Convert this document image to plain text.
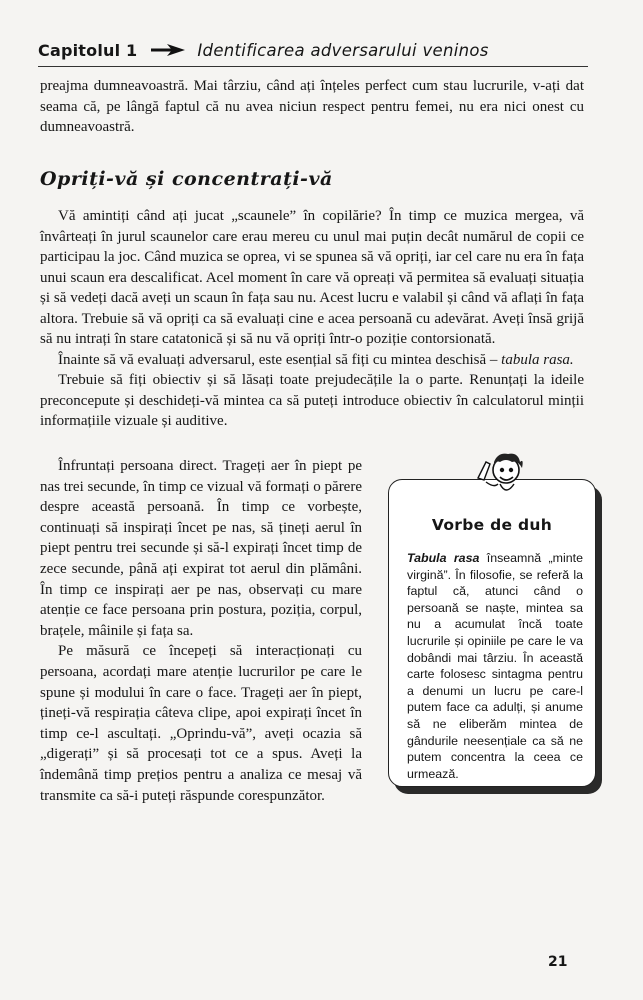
Capitolul 1	Identificarea adversarului veninos

preajma dumneavoastră. Mai târziu, când ați înțeles perfect cum stau lucrurile, v-ați dat seama că, pe lângă faptul că nu avea niciun respect pentru femei, nu era nici onest cu dumneavoastră.

Opriți-vă și concentrați-vă

Vă amintiți când ați jucat „scaunele” în copilărie? În timp ce muzica mergea, vă învârteați în jurul scaunelor care erau mereu cu unul mai puțin decât numărul de copii ce participau la joc. Când muzica se oprea, vi se spunea să vă opriți, iar cel care nu era în fața unui scaun era descalificat. Acel moment în care vă opreați vă permitea să evaluați situația și să vedeți dacă aveți un scaun în fața sau nu. Acest lucru e valabil și când vă aflați în fața altora. Trebuie să vă opriți ca să evaluați cine e acea persoană cu adevărat. Aveți însă grijă să nu intrați în stare catatonică și să nu vă opriți într-o poziție contorsionată.

Înainte să vă evaluați adversarul, este esențial să fiți cu mintea deschisă – tabula rasa.

Trebuie să fiți obiectiv și să lăsați toate prejudecățile la o parte. Renunțați la ideile preconcepute și deschideți-vă mintea ca să puteți introduce obiectiv în calculatorul minții informațiile vizuale și auditive.

Înfruntați persoana direct. Trageți aer în piept pe nas trei secunde, în timp ce vizual vă formați o părere despre această persoană. În timp ce vorbește, continuați să inspirați încet pe nas, să țineți aerul în piept pentru trei secunde și să-l expirați încet timp de zece secunde, până ați expirat tot aerul din plămâni. În timp ce inspirați aer pe nas, observați cu mare atenție ce face persoana prin postura, poziția, corpul, brațele, mâinile și fața sa.

Pe măsură ce începeți să interacționați cu persoana, acordați mare atenție lucrurilor pe care le spune și modului în care o face. Trageți aer în piept, țineți-vă respirația câteva clipe, apoi expirați încet în timp ce-l ascultați. „Oprindu-vă”, aveți ocazia să „digerați” și să procesați tot ce a spus. Aveți la îndemână timp prețios pentru a analiza ce mesaj vă transmite ca să-i puteți răspunde corespunzător.

Vorbe de duh
Tabula rasa înseamnă „minte virgină”. În filosofie, se referă la faptul că, atunci când o persoană se naște, mintea sa nu a acumulat încă toate lucrurile și opiniile pe care le va dobândi mai târziu. În această carte folosesc sintagma pentru a denumi un lucru pe care-l putem face ca adulți, și anume să ne eliberăm mintea de gândurile neesențiale ca să ne putem concentra la ceea ce urmează.
21
